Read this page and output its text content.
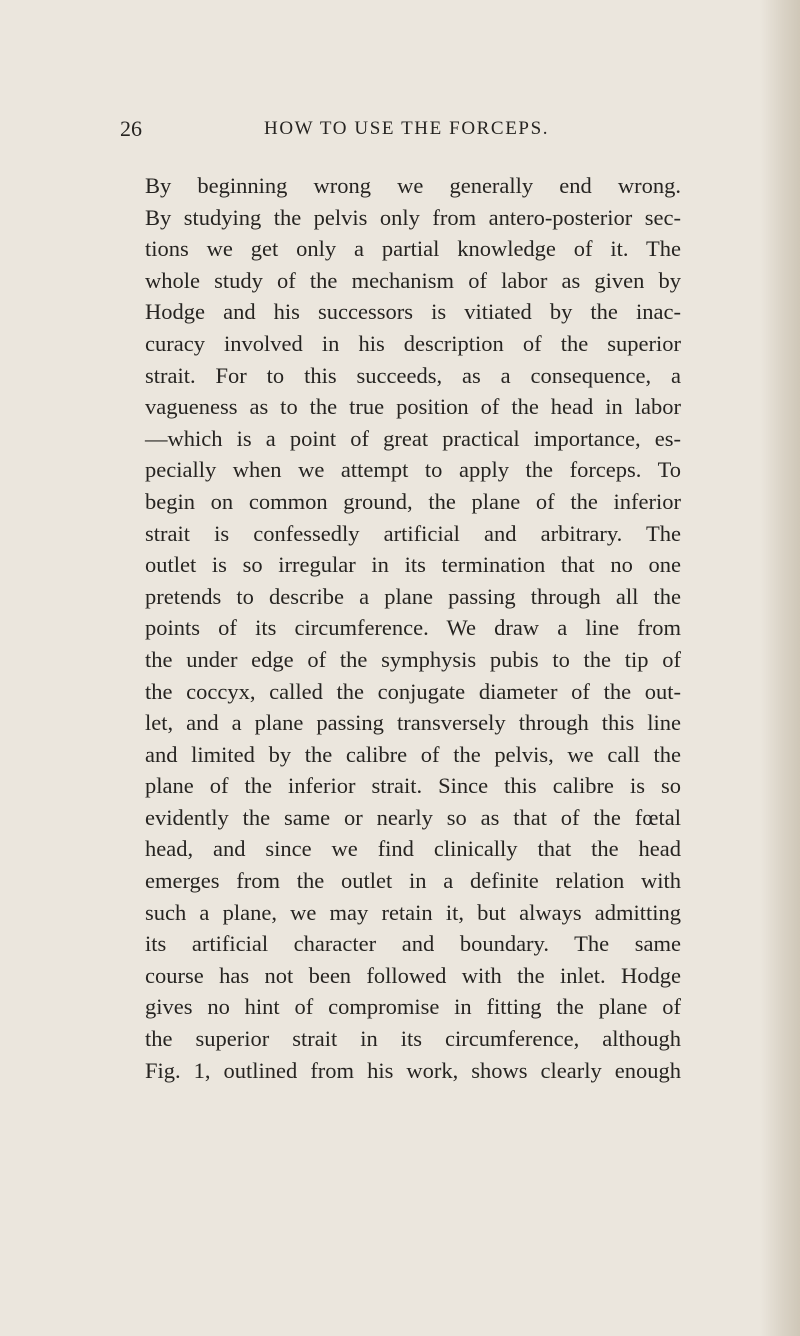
26	HOW TO USE THE FORCEPS.
By beginning wrong we generally end wrong.
By studying the pelvis only from antero-posterior sec-
tions we get only a partial knowledge of it. The
whole study of the mechanism of labor as given by
Hodge and his successors is vitiated by the inac-
curacy involved in his description of the superior
strait. For to this succeeds, as a consequence, a
vagueness as to the true position of the head in labor
—which is a point of great practical importance, es-
pecially when we attempt to apply the forceps. To
begin on common ground, the plane of the inferior
strait is confessedly artificial and arbitrary. The
outlet is so irregular in its termination that no one
pretends to describe a plane passing through all the
points of its circumference. We draw a line from
the under edge of the symphysis pubis to the tip of
the coccyx, called the conjugate diameter of the out-
let, and a plane passing transversely through this line
and limited by the calibre of the pelvis, we call the
plane of the inferior strait. Since this calibre is so
evidently the same or nearly so as that of the fœtal
head, and since we find clinically that the head
emerges from the outlet in a definite relation with
such a plane, we may retain it, but always admitting
its artificial character and boundary. The same
course has not been followed with the inlet. Hodge
gives no hint of compromise in fitting the plane of
the superior strait in its circumference, although
Fig. 1, outlined from his work, shows clearly enough
